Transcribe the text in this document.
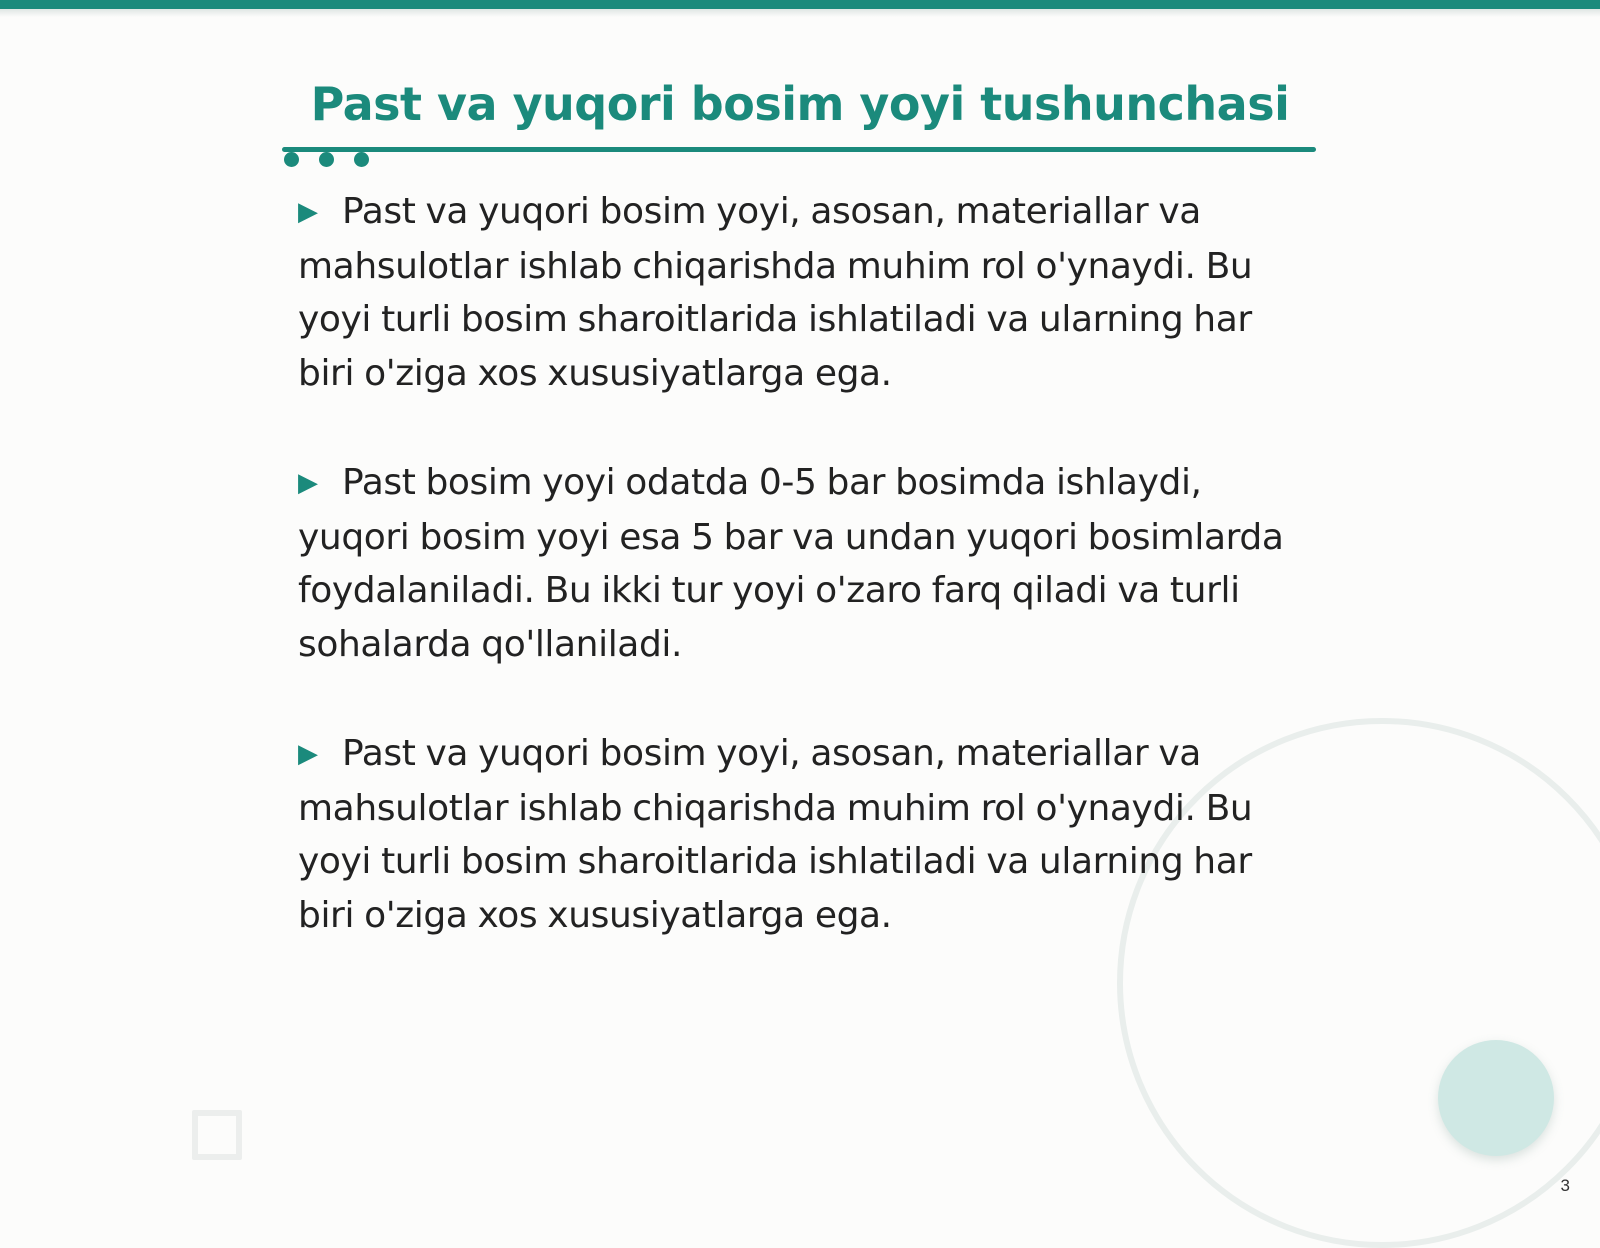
Past va yuqori bosim yoyi tushunchasi

▶ Past va yuqori bosim yoyi, asosan, materiallar va mahsulotlar ishlab chiqarishda muhim rol o'ynaydi. Bu yoyi turli bosim sharoitlarida ishlatiladi va ularning har biri o'ziga xos xususiyatlarga ega.

▶ Past bosim yoyi odatda 0-5 bar bosimda ishlaydi, yuqori bosim yoyi esa 5 bar va undan yuqori bosimlarda foydalaniladi. Bu ikki tur yoyi o'zaro farq qiladi va turli sohalarda qo'llaniladi.

▶ Past va yuqori bosim yoyi, asosan, materiallar va mahsulotlar ishlab chiqarishda muhim rol o'ynaydi. Bu yoyi turli bosim sharoitlarida ishlatiladi va ularning har biri o'ziga xos xususiyatlarga ega.

3
